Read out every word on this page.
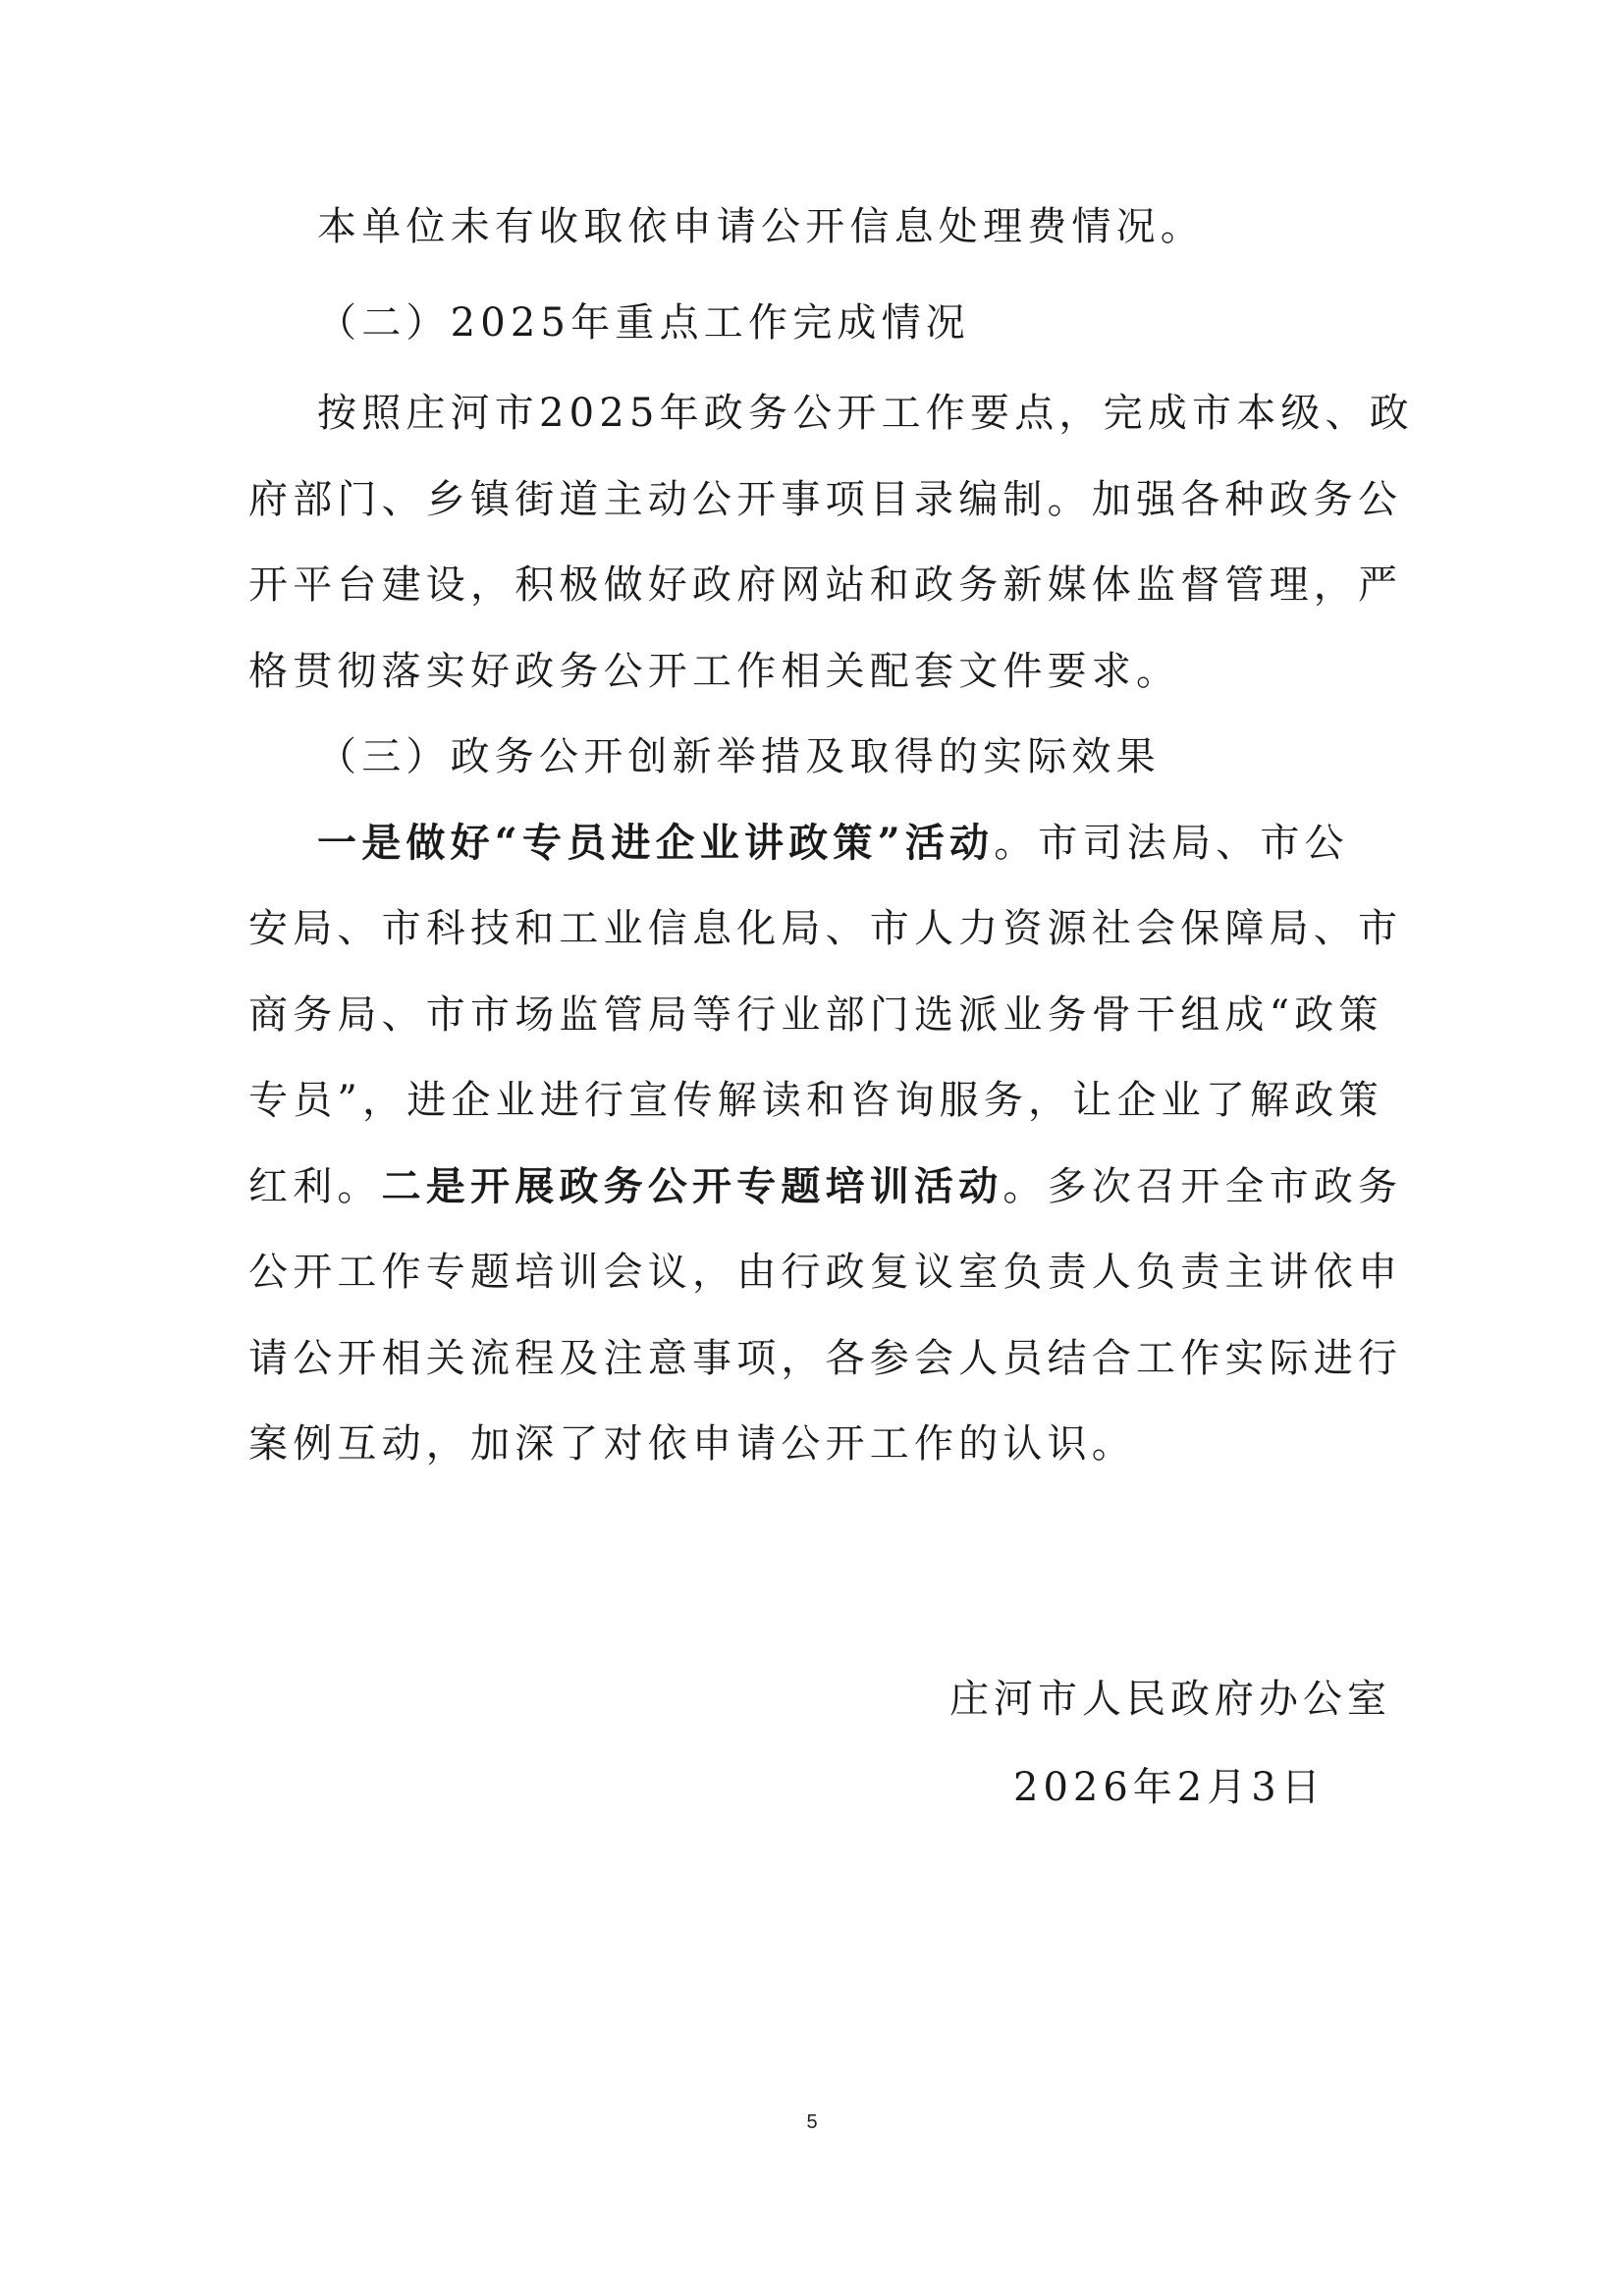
本单位未有收取依申请公开信息处理费情况。
（二）2025年重点工作完成情况
按照庄河市2025年政务公开工作要点，完成市本级、政
府部门、乡镇街道主动公开事项目录编制。加强各种政务公
开平台建设，积极做好政府网站和政务新媒体监督管理，严
格贯彻落实好政务公开工作相关配套文件要求。
（三）政务公开创新举措及取得的实际效果
一是做好“专员进企业讲政策”活动。市司法局、市公
安局、市科技和工业信息化局、市人力资源社会保障局、市
商务局、市市场监管局等行业部门选派业务骨干组成“政策
专员”，进企业进行宣传解读和咨询服务，让企业了解政策
红利。二是开展政务公开专题培训活动。多次召开全市政务
公开工作专题培训会议，由行政复议室负责人负责主讲依申
请公开相关流程及注意事项，各参会人员结合工作实际进行
案例互动，加深了对依申请公开工作的认识。
庄河市人民政府办公室
2026年2月3日
5
